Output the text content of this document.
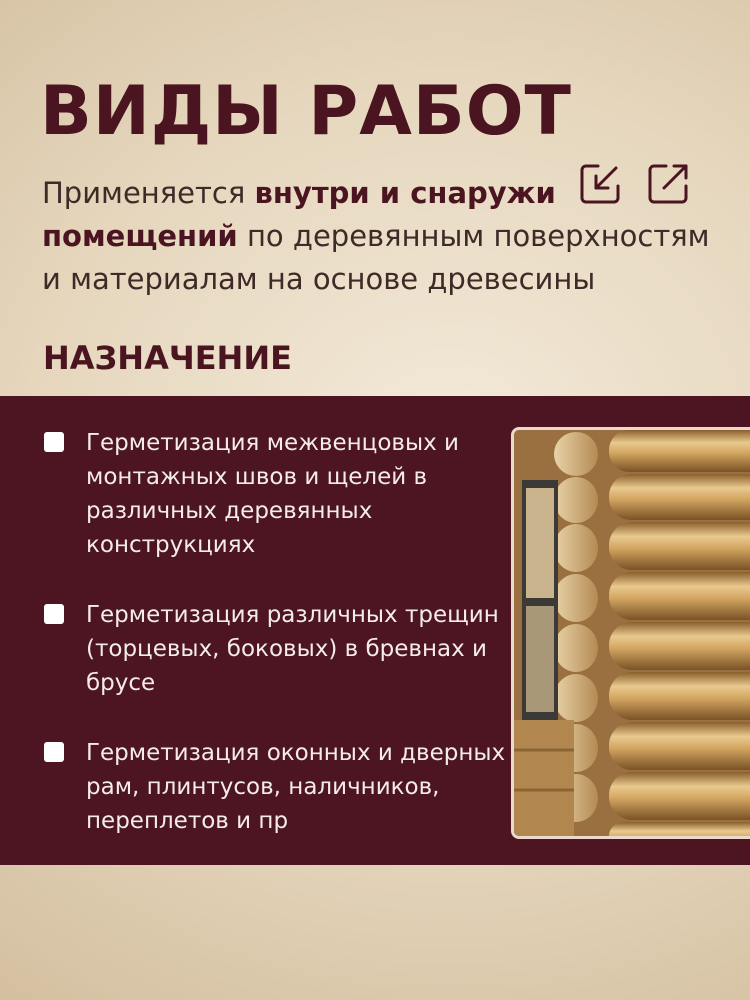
ВИДЫ РАБОТ
Применяется внутри и снаружи
помещений по деревянным поверхностям и материалам на основе древесины
НАЗНАЧЕНИЕ
Герметизация межвенцовых и монтажных швов и щелей в различных деревянных конструкциях
Герметизация различных трещин (торцевых, боковых) в бревнах и брусе
Герметизация оконных и дверных рам, плинтусов, наличников, переплетов и пр
